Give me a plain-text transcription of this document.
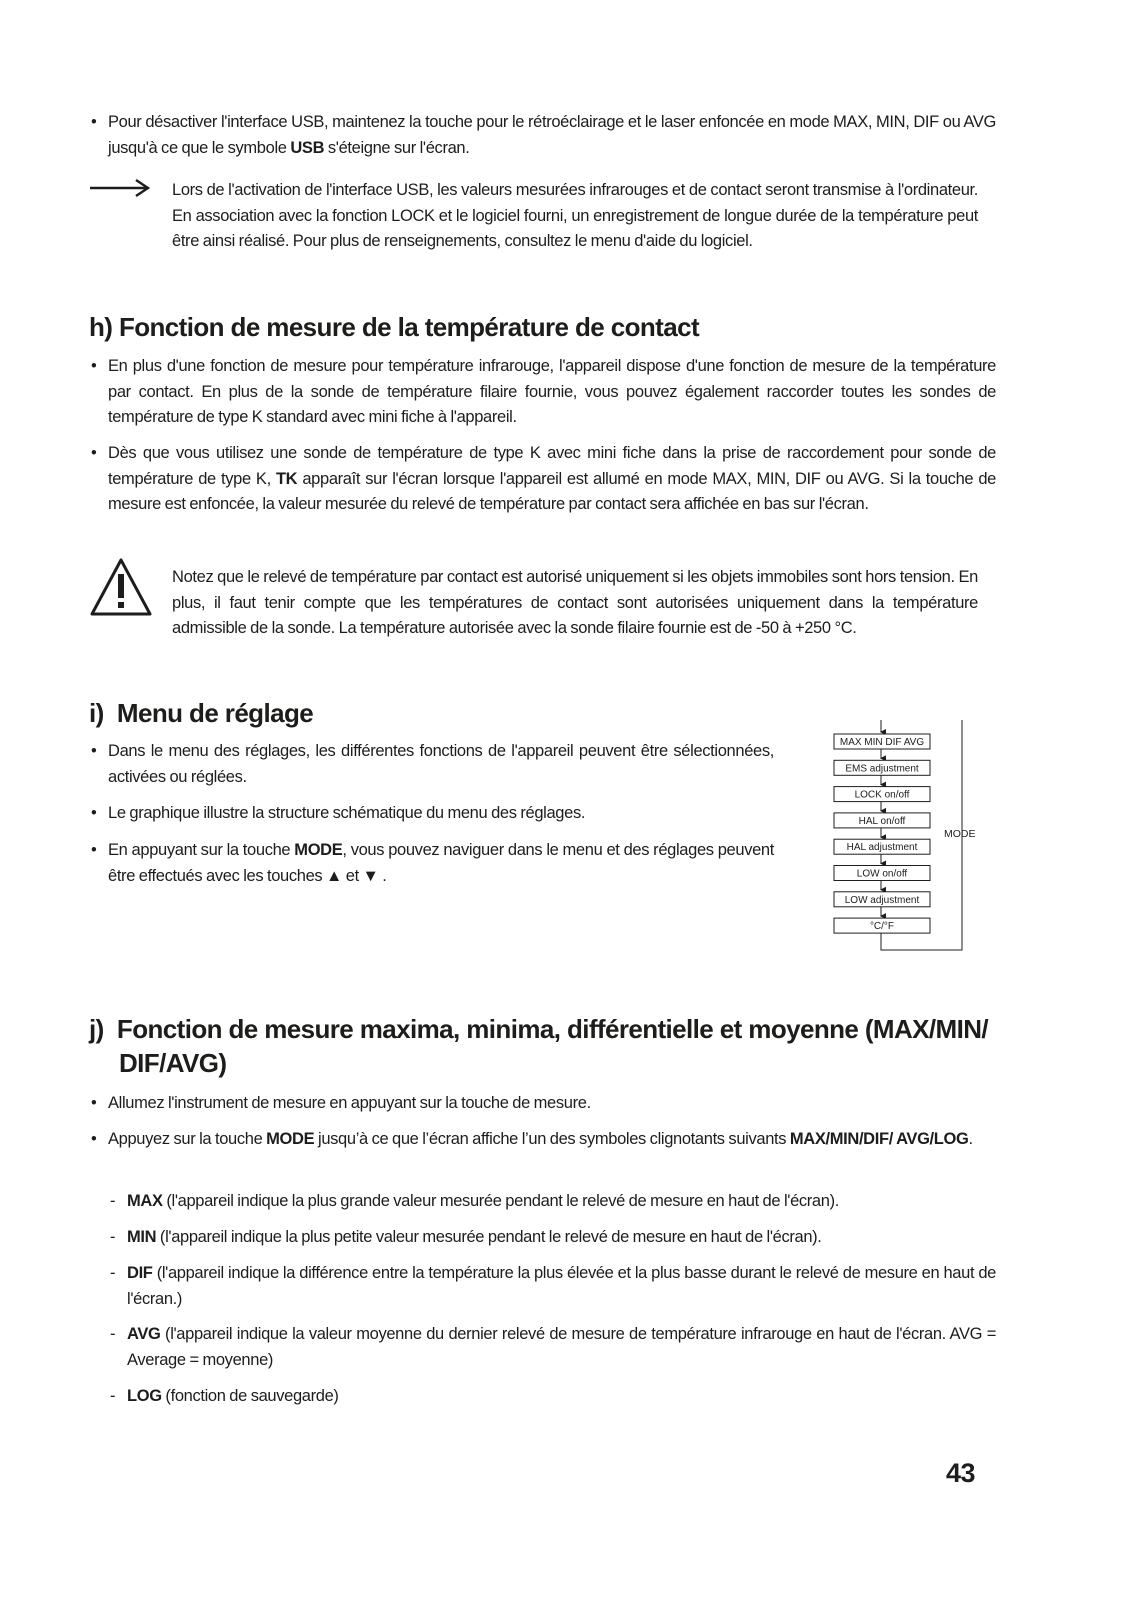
• Pour désactiver l'interface USB, maintenez la touche pour le rétroéclairage et le laser enfoncée en mode MAX, MIN, DIF ou AVG jusqu'à ce que le symbole USB s'éteigne sur l'écran.
Lors de l'activation de l'interface USB, les valeurs mesurées infrarouges et de contact seront transmise à l'ordinateur. En association avec la fonction LOCK et le logiciel fourni, un enregistrement de longue durée de la température peut être ainsi réalisé. Pour plus de renseignements, consultez le menu d'aide du logiciel.
h) Fonction de mesure de la température de contact
• En plus d'une fonction de mesure pour température infrarouge, l'appareil dispose d'une fonction de mesure de la température par contact. En plus de la sonde de température filaire fournie, vous pouvez également raccorder toutes les sondes de température de type K standard avec mini fiche à l'appareil.
• Dès que vous utilisez une sonde de température de type K avec mini fiche dans la prise de raccordement pour sonde de température de type K, TK apparaît sur l'écran lorsque l'appareil est allumé en mode MAX, MIN, DIF ou AVG. Si la touche de mesure est enfoncée, la valeur mesurée du relevé de température par contact sera affichée en bas sur l'écran.
Notez que le relevé de température par contact est autorisé uniquement si les objets immobiles sont hors tension. En plus, il faut tenir compte que les températures de contact sont autorisées uniquement dans la température admissible de la sonde. La température autorisée avec la sonde filaire fournie est de -50 à +250 °C.
i)  Menu de réglage
• Dans le menu des réglages, les différentes fonctions de l'appareil peuvent être sélectionnées, activées ou réglées.
• Le graphique illustre la structure schématique du menu des réglages.
• En appuyant sur la touche MODE, vous pouvez naviguer dans le menu et des réglages peuvent être effectués avec les touches ▲ et ▼ .
MAX MIN DIF AVG
EMS adjustment
LOCK on/off
HAL on/off
HAL adjustment
LOW on/off
LOW adjustment
°C/°F
MODE
j)  Fonction de mesure maxima, minima, différentielle et moyenne (MAX/MIN/
DIF/AVG)
• Allumez l'instrument de mesure en appuyant sur la touche de mesure.
• Appuyez sur la touche MODE jusqu’à ce que l’écran affiche l’un des symboles clignotants suivants MAX/MIN/DIF/ AVG/LOG.
- MAX (l'appareil indique la plus grande valeur mesurée pendant le relevé de mesure en haut de l'écran).
- MIN (l'appareil indique la plus petite valeur mesurée pendant le relevé de mesure en haut de l'écran).
- DIF (l'appareil indique la différence entre la température la plus élevée et la plus basse durant le relevé de mesure en haut de l'écran.)
- AVG (l'appareil indique la valeur moyenne du dernier relevé de mesure de température infrarouge en haut de l'écran. AVG = Average = moyenne)
- LOG (fonction de sauvegarde)
43
